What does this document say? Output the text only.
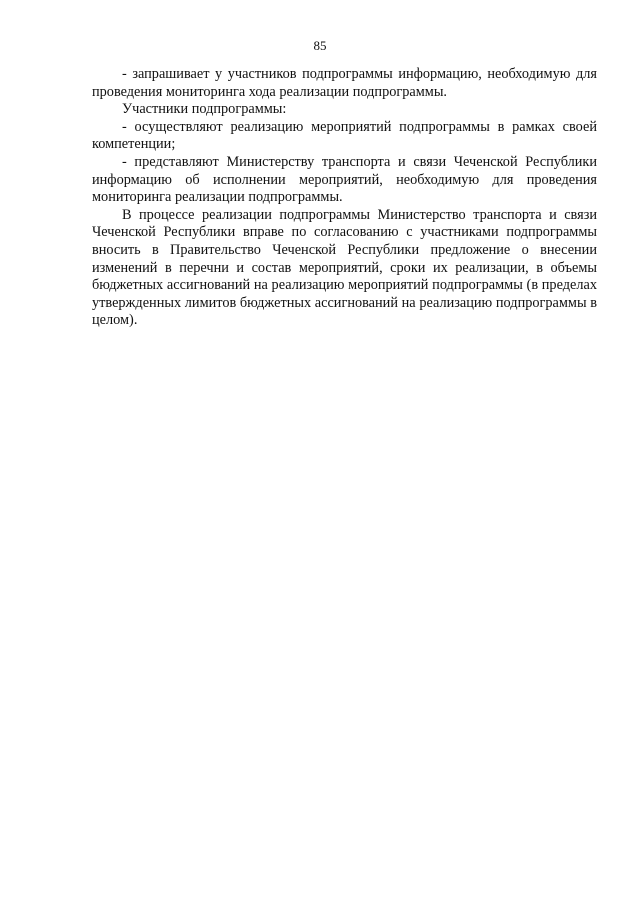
85

- запрашивает у участников подпрограммы информацию, необходимую для проведения мониторинга хода реализации подпрограммы.

Участники подпрограммы:

- осуществляют реализацию мероприятий подпрограммы в рамках своей компетенции;

- представляют Министерству транспорта и связи Чеченской Республики информацию об исполнении мероприятий, необходимую для проведения мониторинга реализации подпрограммы.

В процессе реализации подпрограммы Министерство транспорта и связи Чеченской Республики вправе по согласованию с участниками подпрограммы вносить в Правительство Чеченской Республики предложение о внесении изменений в перечни и состав мероприятий, сроки их реализации, в объемы бюджетных ассигнований на реализацию мероприятий подпрограммы (в пределах утвержденных лимитов бюджетных ассигнований на реализацию подпрограммы в целом).
